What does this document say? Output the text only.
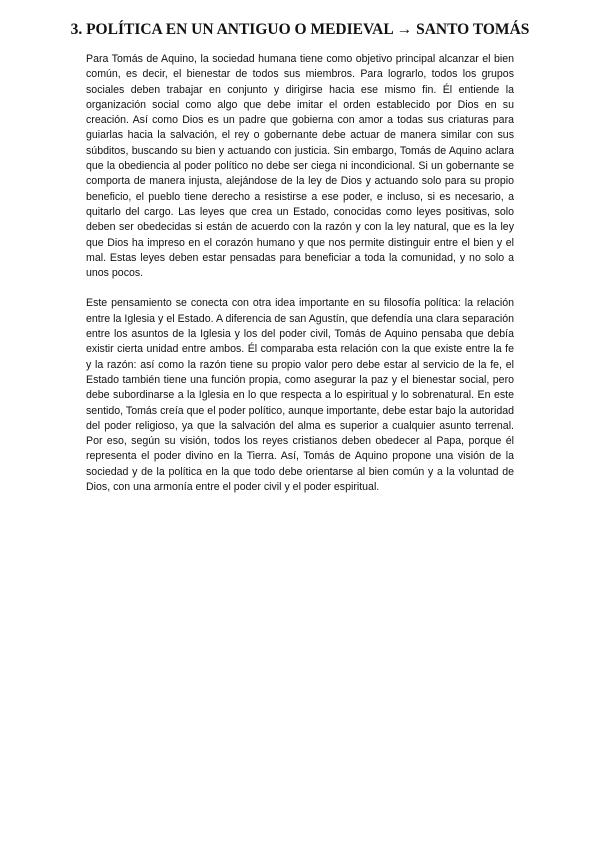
3. POLÍTICA EN UN ANTIGUO O MEDIEVAL → SANTO TOMÁS

Para Tomás de Aquino, la sociedad humana tiene como objetivo principal alcanzar el bien común, es decir, el bienestar de todos sus miembros. Para lograrlo, todos los grupos sociales deben trabajar en conjunto y dirigirse hacia ese mismo fin. Él entiende la organización social como algo que debe imitar el orden establecido por Dios en su creación. Así como Dios es un padre que gobierna con amor a todas sus criaturas para guiarlas hacia la salvación, el rey o gobernante debe actuar de manera similar con sus súbditos, buscando su bien y actuando con justicia. Sin embargo, Tomás de Aquino aclara que la obediencia al poder político no debe ser ciega ni incondicional. Si un gobernante se comporta de manera injusta, alejándose de la ley de Dios y actuando solo para su propio beneficio, el pueblo tiene derecho a resistirse a ese poder, e incluso, si es necesario, a quitarlo del cargo. Las leyes que crea un Estado, conocidas como leyes positivas, solo deben ser obedecidas si están de acuerdo con la razón y con la ley natural, que es la ley que Dios ha impreso en el corazón humano y que nos permite distinguir entre el bien y el mal. Estas leyes deben estar pensadas para beneficiar a toda la comunidad, y no solo a unos pocos.

Este pensamiento se conecta con otra idea importante en su filosofía política: la relación entre la Iglesia y el Estado. A diferencia de san Agustín, que defendía una clara separación entre los asuntos de la Iglesia y los del poder civil, Tomás de Aquino pensaba que debía existir cierta unidad entre ambos. Él comparaba esta relación con la que existe entre la fe y la razón: así como la razón tiene su propio valor pero debe estar al servicio de la fe, el Estado también tiene una función propia, como asegurar la paz y el bienestar social, pero debe subordinarse a la Iglesia en lo que respecta a lo espiritual y lo sobrenatural. En este sentido, Tomás creía que el poder político, aunque importante, debe estar bajo la autoridad del poder religioso, ya que la salvación del alma es superior a cualquier asunto terrenal. Por eso, según su visión, todos los reyes cristianos deben obedecer al Papa, porque él representa el poder divino en la Tierra. Así, Tomás de Aquino propone una visión de la sociedad y de la política en la que todo debe orientarse al bien común y a la voluntad de Dios, con una armonía entre el poder civil y el poder espiritual.
